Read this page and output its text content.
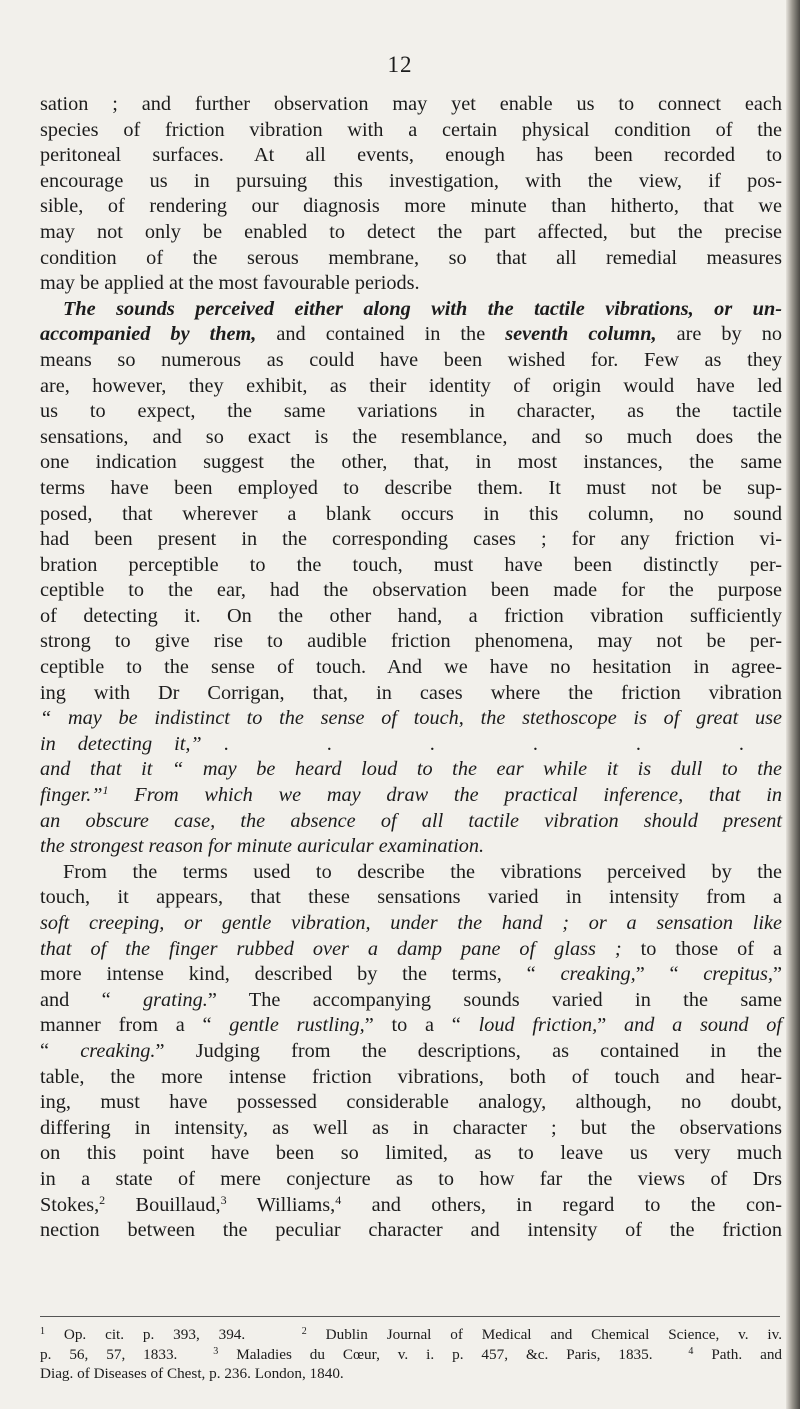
12
sation ; and further observation may yet enable us to connect each
species of friction vibration with a certain physical condition of the
peritoneal surfaces. At all events, enough has been recorded to
encourage us in pursuing this investigation, with the view, if pos-
sible, of rendering our diagnosis more minute than hitherto, that we
may not only be enabled to detect the part affected, but the precise
condition of the serous membrane, so that all remedial measures
may be applied at the most favourable periods.
The sounds perceived either along with the tactile vibrations, or un-
accompanied by them, and contained in the seventh column, are by no
means so numerous as could have been wished for. Few as they
are, however, they exhibit, as their identity of origin would have led
us to expect, the same variations in character, as the tactile
sensations, and so exact is the resemblance, and so much does the
one indication suggest the other, that, in most instances, the same
terms have been employed to describe them. It must not be sup-
posed, that wherever a blank occurs in this column, no sound
had been present in the corresponding cases ; for any friction vi-
bration perceptible to the touch, must have been distinctly per-
ceptible to the ear, had the observation been made for the purpose
of detecting it. On the other hand, a friction vibration sufficiently
strong to give rise to audible friction phenomena, may not be per-
ceptible to the sense of touch. And we have no hesitation in agree-
ing with Dr Corrigan, that, in cases where the friction vibration
“ may be indistinct to the sense of touch, the stethoscope is of great use
in detecting it,” . . . . . .
and that it “ may be heard loud to the ear while it is dull to the
finger.”$^1$ From which we may draw the practical inference, that in
an obscure case, the absence of all tactile vibration should present
the strongest reason for minute auricular examination.
From the terms used to describe the vibrations perceived by the
touch, it appears, that these sensations varied in intensity from a
soft creeping, or gentle vibration, under the hand ; or a sensation like
that of the finger rubbed over a damp pane of glass ; to those of a
more intense kind, described by the terms, “ creaking,” “ crepitus,”
and “ grating.” The accompanying sounds varied in the same
manner from a “ gentle rustling,” to a “ loud friction,” and a sound of
“ creaking.” Judging from the descriptions, as contained in the
table, the more intense friction vibrations, both of touch and hear-
ing, must have possessed considerable analogy, although, no doubt,
differing in intensity, as well as in character ; but the observations
on this point have been so limited, as to leave us very much
in a state of mere conjecture as to how far the views of Drs
Stokes,$^2$ Bouillaud,$^3$ Williams,$^4$ and others, in regard to the con-
nection between the peculiar character and intensity of the friction
$^1$ Op. cit. p. 393, 394.	$^2$ Dublin Journal of Medical and Chemical Science, v. iv.
p. 56, 57, 1833.	$^3$ Maladies du Cœur, v. i. p. 457, &c. Paris, 1835.	$^4$ Path. and
Diag. of Diseases of Chest, p. 236. London, 1840.
